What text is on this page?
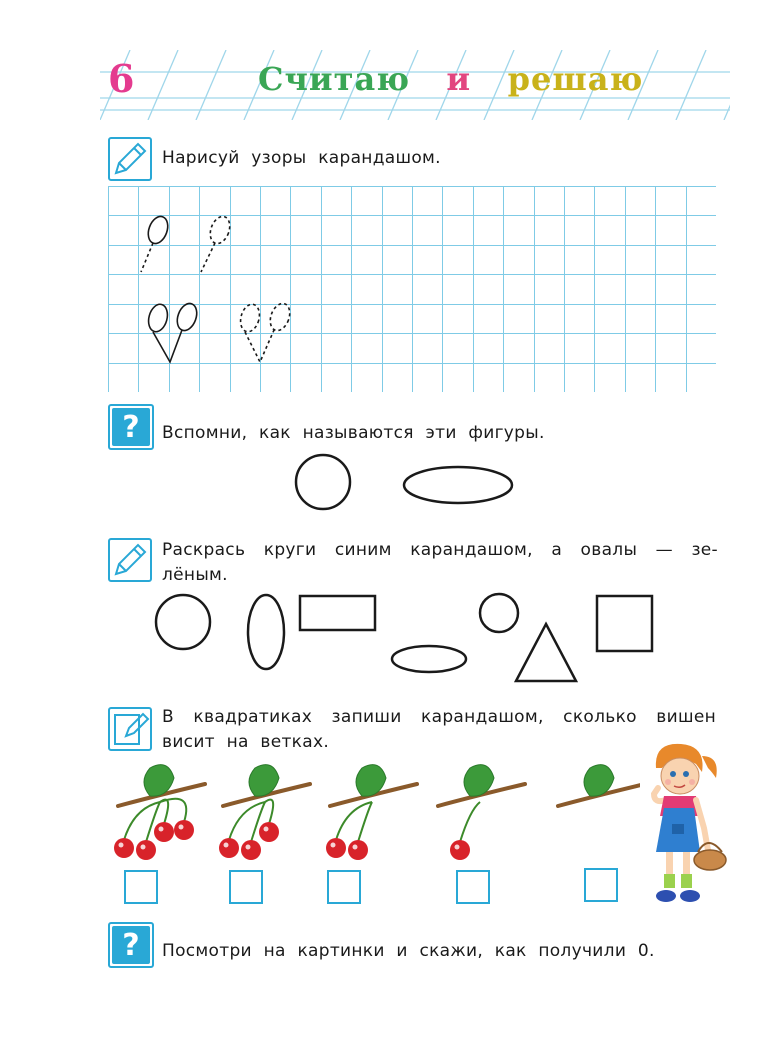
6	Считаю и решаю
Нарисуй узоры карандашом.
? Вспомни, как называются эти фигуры.
Раскрась круги синим карандашом, а овалы — зе-
лёным.
В квадратиках запиши карандашом, сколько вишен
висит на ветках.
? Посмотри на картинки и скажи, как получили 0.
